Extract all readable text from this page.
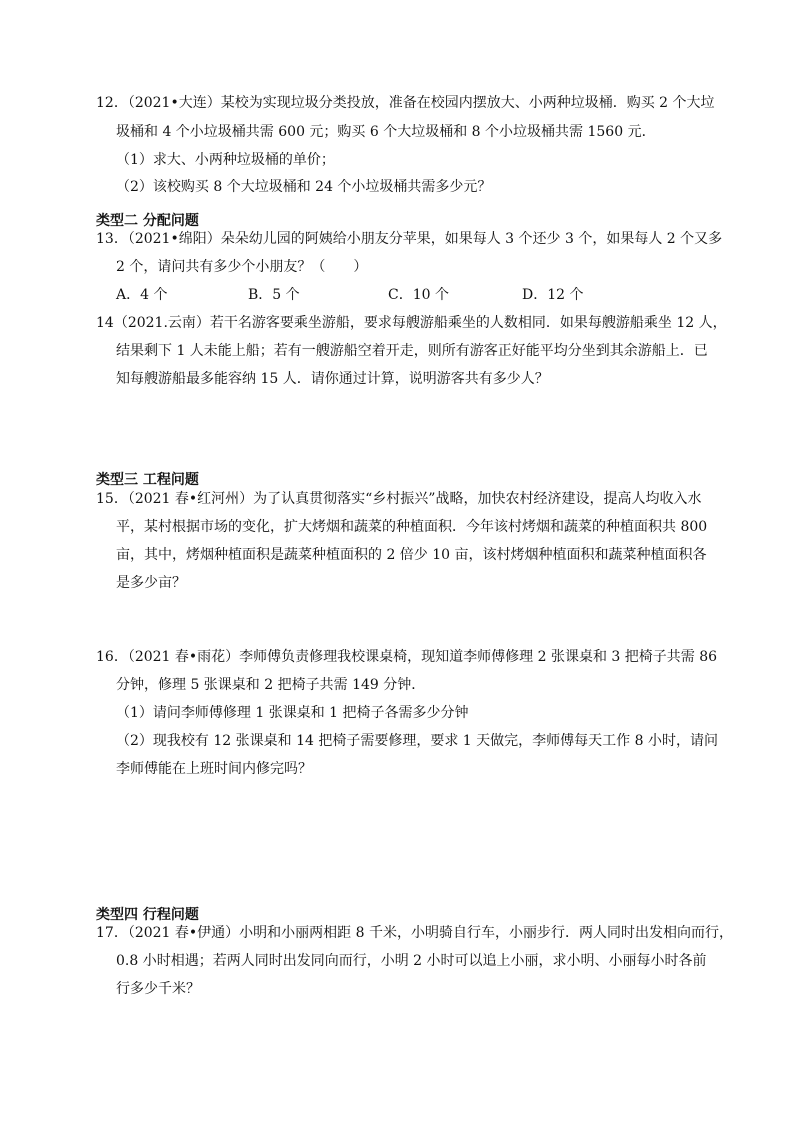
12．（2021•大连）某校为实现垃圾分类投放，准备在校园内摆放大、小两种垃圾桶．购买 2 个大垃
圾桶和 4 个小垃圾桶共需 600 元；购买 6 个大垃圾桶和 8 个小垃圾桶共需 1560 元．
（1）求大、小两种垃圾桶的单价；
（2）该校购买 8 个大垃圾桶和 24 个小垃圾桶共需多少元？
类型二 分配问题
13．（2021•绵阳）朵朵幼儿园的阿姨给小朋友分苹果，如果每人 3 个还少 3 个，如果每人 2 个又多
2 个，请问共有多少个小朋友？（　　）
A．4 个	B．5 个	C．10 个	D．12 个
14（2021.云南）若干名游客要乘坐游船，要求每艘游船乘坐的人数相同．如果每艘游船乘坐 12 人，
结果剩下 1 人未能上船；若有一艘游船空着开走，则所有游客正好能平均分坐到其余游船上．已
知每艘游船最多能容纳 15 人．请你通过计算，说明游客共有多少人？
类型三 工程问题
15．（2021 春•红河州）为了认真贯彻落实“乡村振兴”战略，加快农村经济建设，提高人均收入水
平，某村根据市场的变化，扩大烤烟和蔬菜的种植面积．今年该村烤烟和蔬菜的种植面积共 800
亩，其中，烤烟种植面积是蔬菜种植面积的 2 倍少 10 亩，该村烤烟种植面积和蔬菜种植面积各
是多少亩？
16．（2021 春•雨花）李师傅负责修理我校课桌椅，现知道李师傅修理 2 张课桌和 3 把椅子共需 86
分钟，修理 5 张课桌和 2 把椅子共需 149 分钟．
（1）请问李师傅修理 1 张课桌和 1 把椅子各需多少分钟
（2）现我校有 12 张课桌和 14 把椅子需要修理，要求 1 天做完，李师傅每天工作 8 小时，请问
李师傅能在上班时间内修完吗？
类型四 行程问题
17．（2021 春•伊通）小明和小丽两相距 8 千米，小明骑自行车，小丽步行．两人同时出发相向而行，
0.8 小时相遇；若两人同时出发同向而行，小明 2 小时可以追上小丽，求小明、小丽每小时各前
行多少千米？
